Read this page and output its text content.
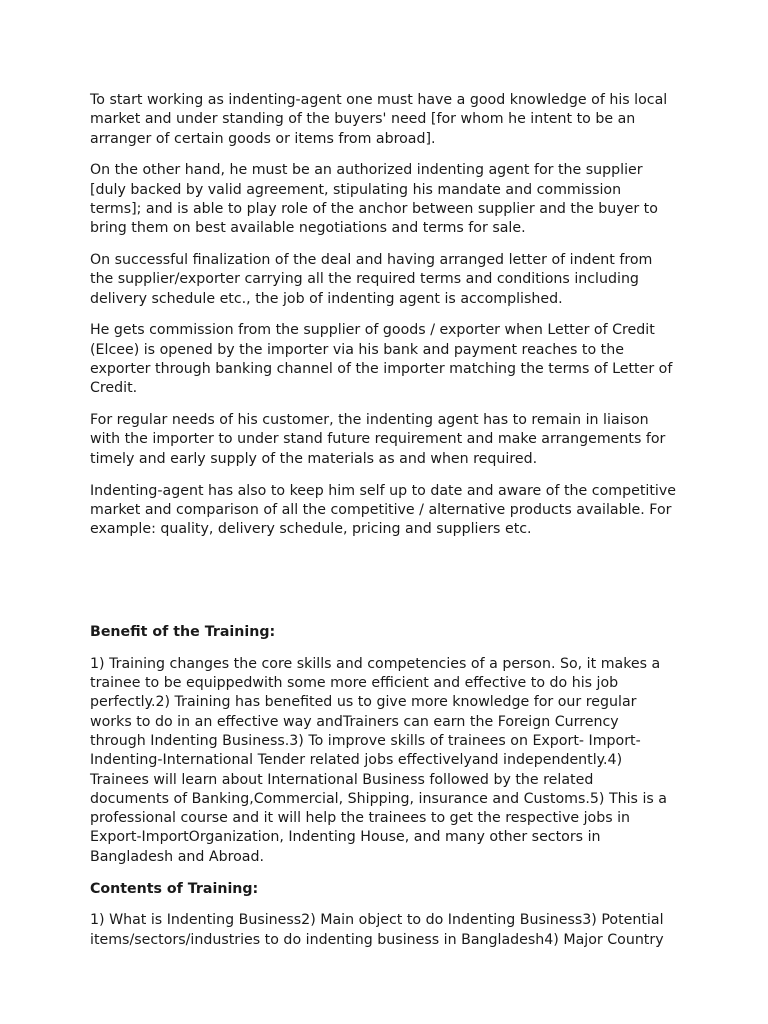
To start working as indenting-agent one must have a good knowledge of his local market and under standing of the buyers' need [for whom he intent to be an arranger of certain goods or items from abroad].

On the other hand, he must be an authorized indenting agent for the supplier [duly backed by valid agreement, stipulating his mandate and commission terms]; and is able to play role of the anchor between supplier and the buyer to bring them on best available negotiations and terms for sale.

On successful finalization of the deal and having arranged letter of indent from the supplier/exporter carrying all the required terms and conditions including delivery schedule etc., the job of indenting agent is accomplished.

He gets commission from the supplier of goods / exporter when Letter of Credit (Elcee) is opened by the importer via his bank and payment reaches to the exporter through banking channel of the importer matching the terms of Letter of Credit.

For regular needs of his customer, the indenting agent has to remain in liaison with the importer to under stand future requirement and make arrangements for timely and early supply of the materials as and when required.

Indenting-agent has also to keep him self up to date and aware of the competitive market and comparison of all the competitive / alternative products available. For example: quality, delivery schedule, pricing and suppliers etc.

Benefit of the Training:

1) Training changes the core skills and competencies of a person. So, it makes a trainee to be equippedwith some more efficient and effective to do his job perfectly.2) Training has benefited us to give more knowledge for our regular works to do in an effective way andTrainers can earn the Foreign Currency through Indenting Business.3) To improve skills of trainees on Export- Import-Indenting-International Tender related jobs effectivelyand independently.4) Trainees will learn about International Business followed by the related documents of Banking,Commercial, Shipping, insurance and Customs.5) This is a professional course and it will help the trainees to get the respective jobs in Export-ImportOrganization, Indenting House, and many other sectors in Bangladesh and Abroad.

Contents of Training:

1) What is Indenting Business2) Main object to do Indenting Business3) Potential items/sectors/industries to do indenting business in Bangladesh4) Major Country
